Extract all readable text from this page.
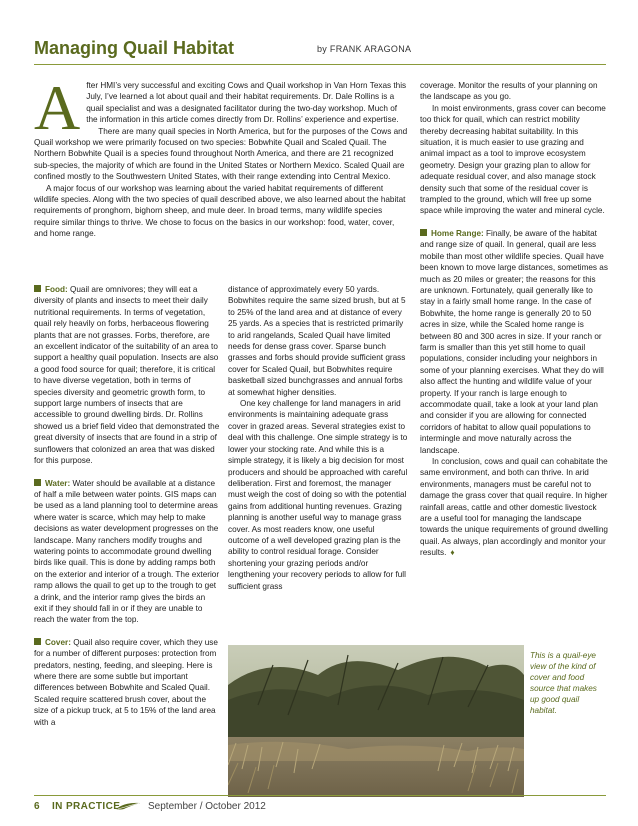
Managing Quail Habitat	by FRANK ARAGONA
A fter HMI’s very successful and exciting Cows and Quail workshop in Van Horn Texas this July, I’ve learned a lot about quail and their habitat requirements. Dr. Dale Rollins is a quail specialist and was a designated facilitator during the two-day workshop. Much of the information in this article comes directly from Dr. Rollins’ experience and expertise.

There are many quail species in North America, but for the purposes of the Cows and Quail workshop we were primarily focused on two species: Bobwhite Quail and Scaled Quail. The Northern Bobwhite Quail is a species found throughout North America, and there are 21 recognized sub-species, the majority of which are found in the United States or Northern Mexico. Scaled Quail are confined mostly to the Southwestern United States, with their range extending into Central Mexico.

A major focus of our workshop was learning about the varied habitat requirements of different wildlife species. Along with the two species of quail described above, we also learned about the habitat requirements of pronghorn, bighorn sheep, and mule deer. In broad terms, many wildlife species require similar things to thrive. We chose to focus on the basics in our workshop: food, water, cover, and home range.

Food: Quail are omnivores; they will eat a diversity of plants and insects to meet their daily nutritional requirements. In terms of vegetation, quail rely heavily on forbs, herbaceous flowering plants that are not grasses. Forbs, therefore, are an excellent indicator of the suitability of an area to support a healthy quail population. Insects are also a good food source for quail; therefore, it is critical to have diverse vegetation, both in terms of species diversity and geometric growth form, to support large numbers of insects that are accessible to ground dwelling birds. Dr. Rollins showed us a brief field video that demonstrated the great diversity of insects that are found in a strip of sunflowers that colonized an area that was disked for this purpose.

Water: Water should be available at a distance of half a mile between water points. GIS maps can be used as a land planning tool to determine areas where water is scarce, which may help to make decisions as water development progresses on the landscape. Many ranchers modify troughs and watering points to accommodate ground dwelling birds like quail. This is done by adding ramps both on the exterior and interior of a trough. The exterior ramp allows the quail to get up to the trough to get a drink, and the interior ramp gives the birds an exit if they should fall in or if they are unable to reach the water from the top.

Cover: Quail also require cover, which they use for a number of different purposes: protection from predators, nesting, feeding, and sleeping. Here is where there are some subtle but important differences between Bobwhite and Scaled Quail. Scaled require scattered brush cover, about the size of a pickup truck, at 5 to 15% of the land area with a

distance of approximately every 50 yards. Bobwhites require the same sized brush, but at 5 to 25% of the land area and at distance of every 25 yards. As a species that is restricted primarily to arid rangelands, Scaled Quail have limited needs for dense grass cover. Sparse bunch grasses and forbs should provide sufficient grass cover for Scaled Quail, but Bobwhites require basketball sized bunchgrasses and annual forbs at somewhat higher densities.

One key challenge for land managers in arid environments is maintaining adequate grass cover in grazed areas. Several strategies exist to deal with this challenge. One simple strategy is to lower your stocking rate. And while this is a simple strategy, it is likely a big decision for most producers and should be approached with careful deliberation. First and foremost, the manager must weigh the cost of doing so with the potential gains from additional hunting revenues. Grazing planning is another useful way to manage grass cover. As most readers know, one useful outcome of a well developed grazing plan is the ability to control residual forage. Consider shortening your grazing periods and/or lengthening your recovery periods to allow for full sufficient grass

coverage. Monitor the results of your planning on the landscape as you go.

In moist environments, grass cover can become too thick for quail, which can restrict mobility thereby decreasing habitat suitability. In this situation, it is much easier to use grazing and animal impact as a tool to improve ecosystem geometry. Design your grazing plan to allow for adequate residual cover, and also manage stock density such that some of the residual cover is trampled to the ground, which will free up some space while improving the water and mineral cycle.

Home Range: Finally, be aware of the habitat and range size of quail. In general, quail are less mobile than most other wildlife species. Quail have been known to move large distances, sometimes as much as 20 miles or greater; the reasons for this are unknown. Fortunately, quail generally like to stay in a fairly small home range. In the case of Bobwhite, the home range is generally 20 to 50 acres in size, while the Scaled home range is between 80 and 300 acres in size. If your ranch or farm is smaller than this yet still home to quail populations, consider including your neighbors in some of your planning exercises. What they do will also affect the hunting and wildlife value of your property. If your ranch is large enough to accommodate quail, take a look at your land plan and consider if you are allowing for connected corridors of habitat to allow quail populations to intermingle and move naturally across the landscape.

In conclusion, cows and quail can cohabitate the same environment, and both can thrive. In arid environments, managers must be careful not to damage the grass cover that quail require. In higher rainfall areas, cattle and other domestic livestock are a useful tool for managing the landscape towards the unique requirements of ground dwelling quail. As always, plan accordingly and monitor your results. ♦

This is a quail-eye view of the kind of cover and food source that makes up good quail habitat.
6 IN PRACTICE	September / October 2012
